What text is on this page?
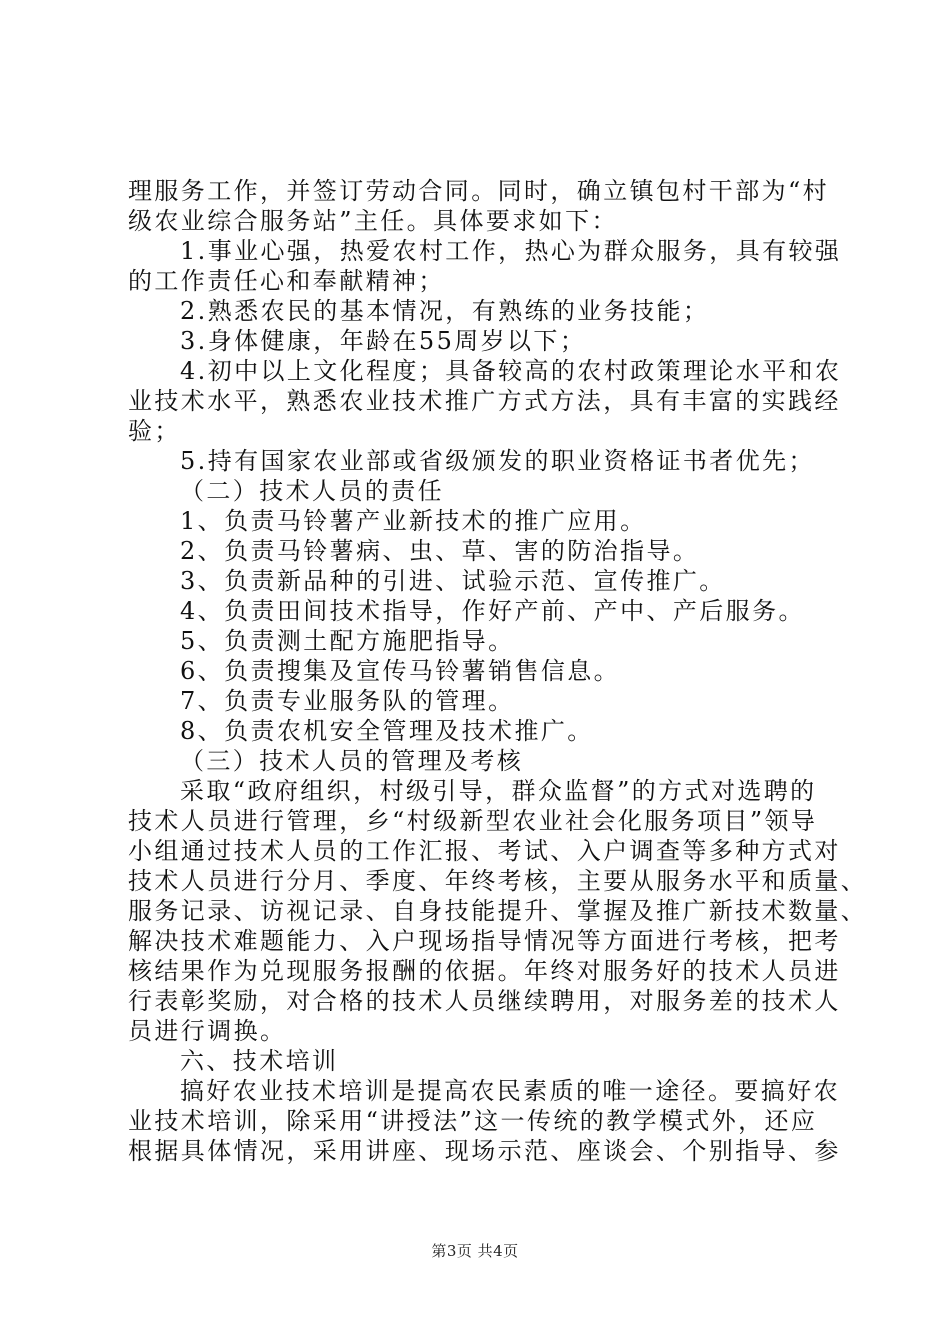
理服务工作，并签订劳动合同。同时，确立镇包村干部为“村
级农业综合服务站”主任。具体要求如下：
1.事业心强，热爱农村工作，热心为群众服务，具有较强
的工作责任心和奉献精神；
2.熟悉农民的基本情况，有熟练的业务技能；
3.身体健康，年龄在55周岁以下；
4.初中以上文化程度；具备较高的农村政策理论水平和农
业技术水平，熟悉农业技术推广方式方法，具有丰富的实践经
验；
5.持有国家农业部或省级颁发的职业资格证书者优先；
（二）技术人员的责任
1、负责马铃薯产业新技术的推广应用。
2、负责马铃薯病、虫、草、害的防治指导。
3、负责新品种的引进、试验示范、宣传推广。
4、负责田间技术指导，作好产前、产中、产后服务。
5、负责测土配方施肥指导。
6、负责搜集及宣传马铃薯销售信息。
7、负责专业服务队的管理。
8、负责农机安全管理及技术推广。
（三）技术人员的管理及考核
采取“政府组织，村级引导，群众监督”的方式对选聘的
技术人员进行管理，乡“村级新型农业社会化服务项目”领导
小组通过技术人员的工作汇报、考试、入户调查等多种方式对
技术人员进行分月、季度、年终考核，主要从服务水平和质量、
服务记录、访视记录、自身技能提升、掌握及推广新技术数量、
解决技术难题能力、入户现场指导情况等方面进行考核，把考
核结果作为兑现服务报酬的依据。年终对服务好的技术人员进
行表彰奖励，对合格的技术人员继续聘用，对服务差的技术人
员进行调换。
六、技术培训
搞好农业技术培训是提高农民素质的唯一途径。要搞好农
业技术培训，除采用“讲授法”这一传统的教学模式外，还应
根据具体情况，采用讲座、现场示范、座谈会、个别指导、参
第3页 共4页
